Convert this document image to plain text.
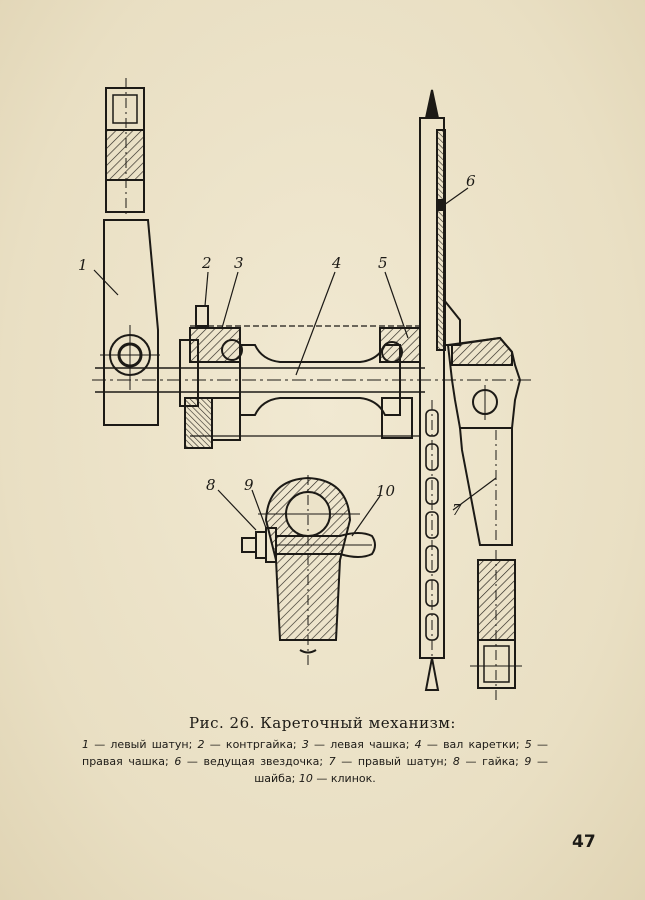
1	2 3	4 5
6
7
8 9	10
Рис. 26. Кареточный механизм:
1 — левый шатун; 2 — контргайка; 3 — левая чашка; 4 — вал каретки; 5 — правая чашка; 6 — ведущая звездочка; 7 — правый шатун; 8 — гайка; 9 — шайба; 10 — клинок.
47
